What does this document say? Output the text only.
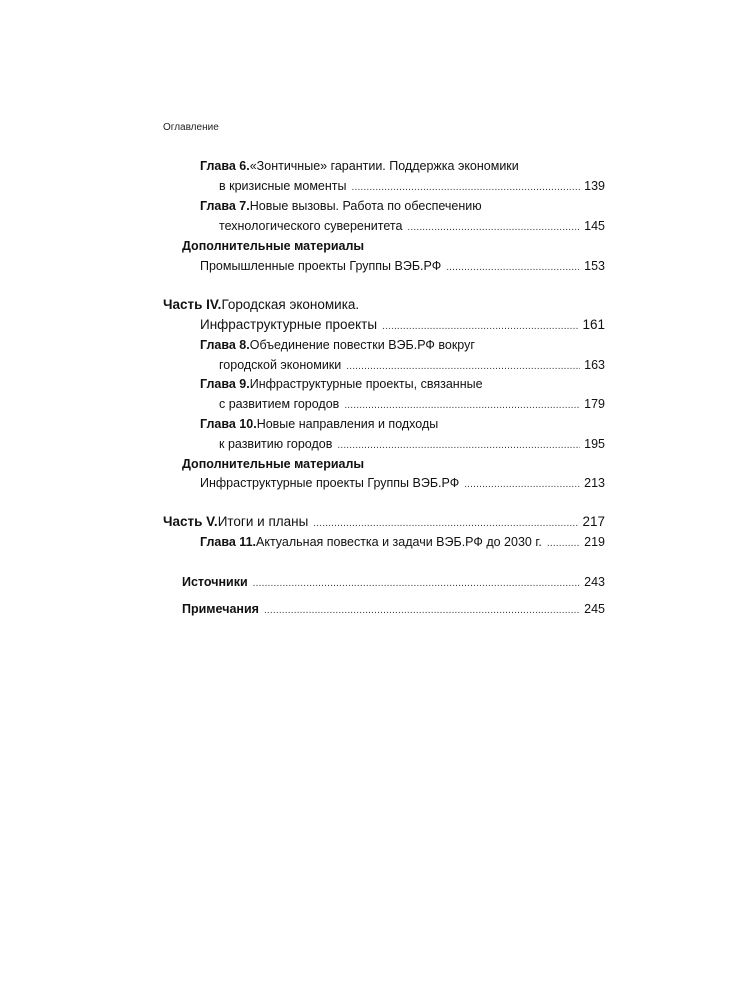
Оглавление
Глава 6. «Зонтичные» гарантии. Поддержка экономики
в кризисные моменты .....	139
Глава 7. Новые вызовы. Работа по обеспечению
технологического суверенитета .....	145
Дополнительные материалы
Промышленные проекты Группы ВЭБ.РФ .....	153
Часть IV. Городская экономика.
Инфраструктурные проекты .....	161
Глава 8. Объединение повестки ВЭБ.РФ вокруг
городской экономики .....	163
Глава 9. Инфраструктурные проекты, связанные
с развитием городов .....	179
Глава 10. Новые направления и подходы
к развитию городов .....	195
Дополнительные материалы
Инфраструктурные проекты Группы ВЭБ.РФ .....	213
Часть V. Итоги и планы .....	217
Глава 11. Актуальная повестка и задачи ВЭБ.РФ до 2030 г. .....	219
Источники .....	243
Примечания .....	245
